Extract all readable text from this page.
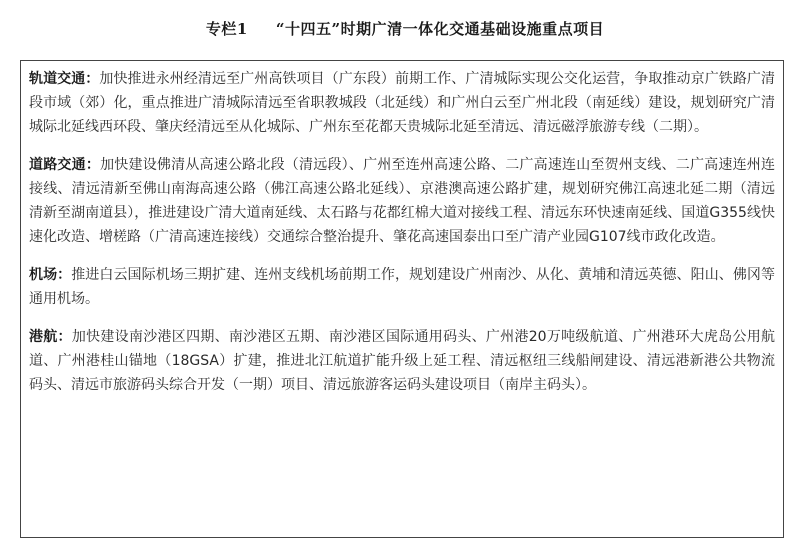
专栏1 “十四五”时期广清一体化交通基础设施重点项目

轨道交通：加快推进永州经清远至广州高铁项目（广东段）前期工作、广清城际实现公交化运营，争取推动京广铁路广清段市域（郊）化，重点推进广清城际清远至省职教城段（北延线）和广州白云至广州北段（南延线）建设，规划研究广清城际北延线西环段、肇庆经清远至从化城际、广州东至花都天贵城际北延至清远、清远磁浮旅游专线（二期）。

道路交通：加快建设佛清从高速公路北段（清远段）、广州至连州高速公路、二广高速连山至贺州支线、二广高速连州连接线、清远清新至佛山南海高速公路（佛江高速公路北延线）、京港澳高速公路扩建，规划研究佛江高速北延二期（清远清新至湖南道县），推进建设广清大道南延线、太石路与花都红棉大道对接线工程、清远东环快速南延线、国道G355线快速化改造、增槎路（广清高速连接线）交通综合整治提升、肇花高速国泰出口至广清产业园G107线市政化改造。

机场：推进白云国际机场三期扩建、连州支线机场前期工作，规划建设广州南沙、从化、黄埔和清远英德、阳山、佛冈等通用机场。

港航：加快建设南沙港区四期、南沙港区五期、南沙港区国际通用码头、广州港20万吨级航道、广州港环大虎岛公用航道、广州港桂山锚地（18GSA）扩建，推进北江航道扩能升级上延工程、清远枢纽三线船闸建设、清远港新港公共物流码头、清远市旅游码头综合开发（一期）项目、清远旅游客运码头建设项目（南岸主码头）。
